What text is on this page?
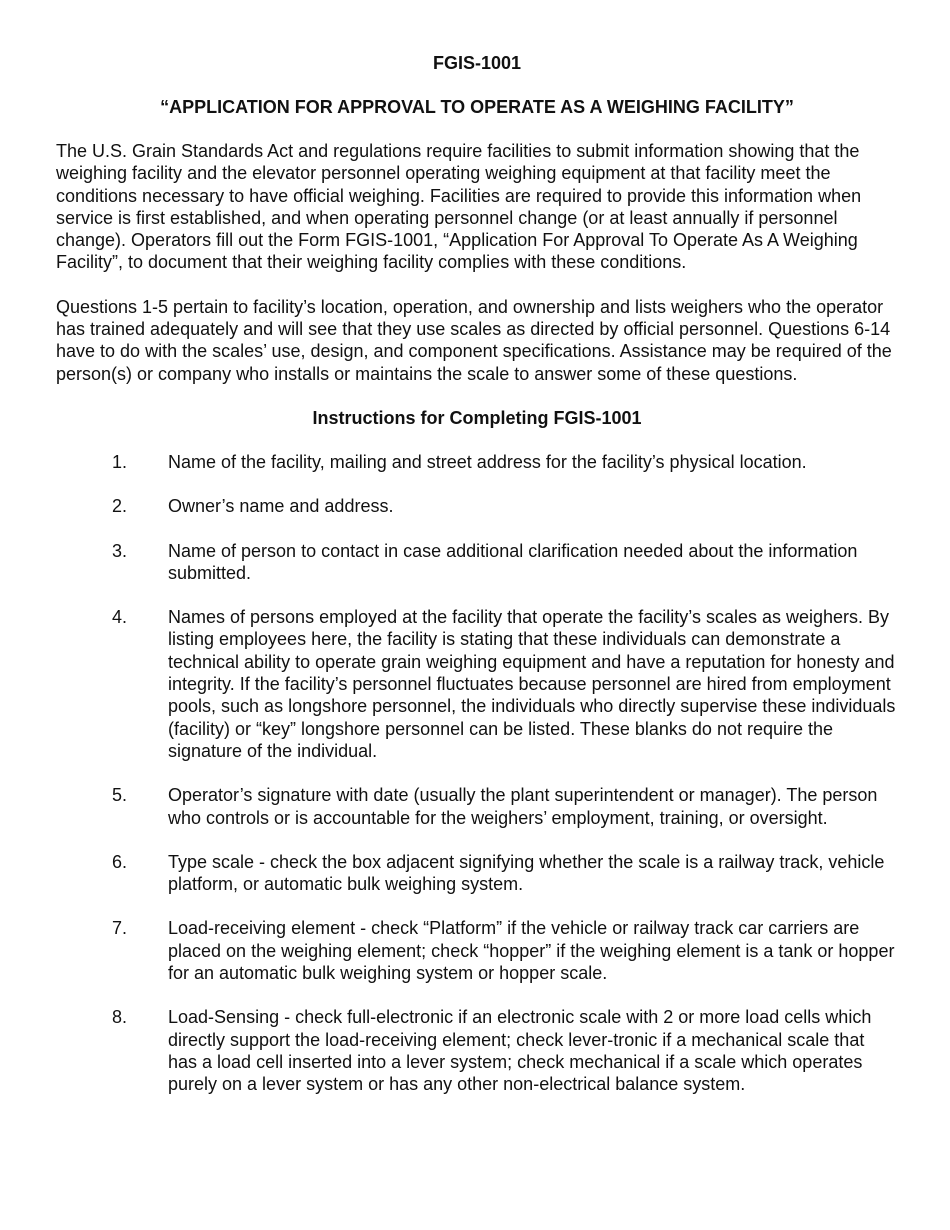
FGIS-1001
“APPLICATION FOR APPROVAL TO OPERATE AS A WEIGHING FACILITY”

The U.S. Grain Standards Act and regulations require facilities to submit information showing that the weighing facility and the elevator personnel operating weighing equipment at that facility meet the conditions necessary to have official weighing. Facilities are required to provide this information when service is first established, and when operating personnel change (or at least annually if personnel change). Operators fill out the Form FGIS-1001, “Application For Approval To Operate As A Weighing Facility”, to document that their weighing facility complies with these conditions.

Questions 1-5 pertain to facility’s location, operation, and ownership and lists weighers who the operator has trained adequately and will see that they use scales as directed by official personnel. Questions 6-14 have to do with the scales’ use, design, and component specifications. Assistance may be required of the person(s) or company who installs or maintains the scale to answer some of these questions.

Instructions for Completing FGIS-1001
1. Name of the facility, mailing and street address for the facility’s physical location.
2. Owner’s name and address.
3. Name of person to contact in case additional clarification needed about the information submitted.
4. Names of persons employed at the facility that operate the facility’s scales as weighers. By listing employees here, the facility is stating that these individuals can demonstrate a technical ability to operate grain weighing equipment and have a reputation for honesty and integrity. If the facility’s personnel fluctuates because personnel are hired from employment pools, such as longshore personnel, the individuals who directly supervise these individuals (facility) or “key” longshore personnel can be listed. These blanks do not require the signature of the individual.
5. Operator’s signature with date (usually the plant superintendent or manager). The person who controls or is accountable for the weighers’ employment, training, or oversight.
6. Type scale - check the box adjacent signifying whether the scale is a railway track, vehicle platform, or automatic bulk weighing system.
7. Load-receiving element - check “Platform” if the vehicle or railway track car carriers are placed on the weighing element; check “hopper” if the weighing element is a tank or hopper for an automatic bulk weighing system or hopper scale.
8. Load-Sensing - check full-electronic if an electronic scale with 2 or more load cells which directly support the load-receiving element; check lever-tronic if a mechanical scale that has a load cell inserted into a lever system; check mechanical if a scale which operates purely on a lever system or has any other non-electrical balance system.
